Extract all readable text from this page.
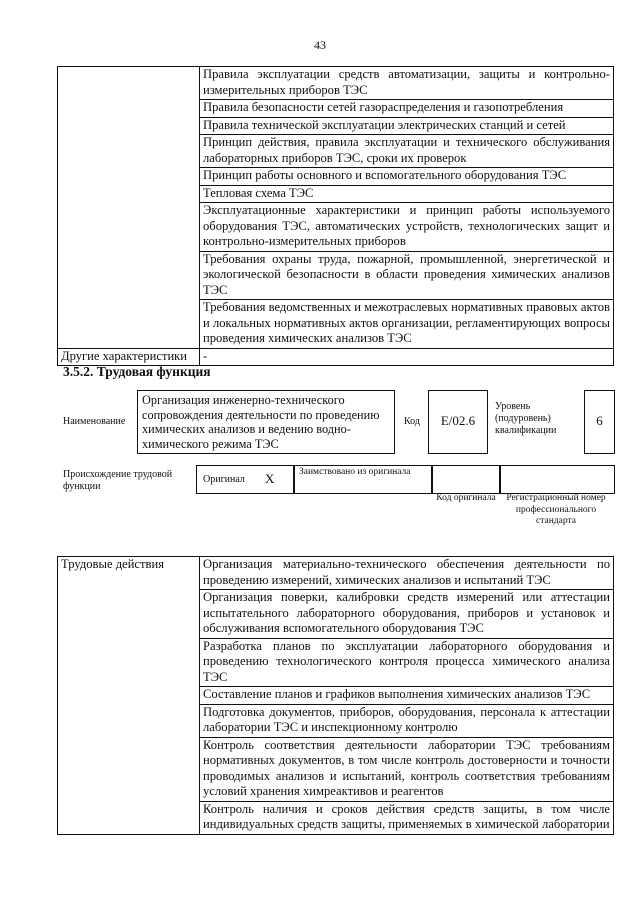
43
	Правила эксплуатации средств автоматизации, защиты и контрольно-измерительных приборов ТЭС
	Правила безопасности сетей газораспределения и газопотребления
	Правила технической эксплуатации электрических станций и сетей
	Принцип действия, правила эксплуатации и технического обслуживания лабораторных приборов ТЭС, сроки их проверок
	Принцип работы основного и вспомогательного оборудования ТЭС
	Тепловая схема ТЭС
	Эксплуатационные характеристики и принцип работы используемого оборудования ТЭС, автоматических устройств, технологических защит и контрольно-измерительных приборов
	Требования охраны труда, пожарной, промышленной, энергетической и экологической безопасности в области проведения химических анализов ТЭС
	Требования ведомственных и межотраслевых нормативных правовых актов и локальных нормативных актов организации, регламентирующих вопросы проведения химических анализов ТЭС
Другие характеристики	-
3.5.2. Трудовая функция
Наименование
Организация инженерно-технического сопровождения деятельности по проведению химических анализов и ведению водно-химического режима ТЭС
Код	E/02.6
Уровень (подуровень) квалификации
6
Происхождение трудовой функции
Оригинал X	Заимствовано из оригинала
Код оригинала Регистрационный номер профессионального стандарта
Трудовые действия	Организация материально-технического обеспечения деятельности по проведению измерений, химических анализов и испытаний ТЭС
Организация поверки, калибровки средств измерений или аттестации испытательного лабораторного оборудования, приборов и установок и обслуживания вспомогательного оборудования ТЭС
Разработка планов по эксплуатации лабораторного оборудования и проведению технологического контроля процесса химического анализа ТЭС
Составление планов и графиков выполнения химических анализов ТЭС
Подготовка документов, приборов, оборудования, персонала к аттестации лаборатории ТЭС и инспекционному контролю
Контроль соответствия деятельности лаборатории ТЭС требованиям нормативных документов, в том числе контроль достоверности и точности проводимых анализов и испытаний, контроль соответствия требованиям условий хранения химреактивов и реагентов
Контроль наличия и сроков действия средств защиты, в том числе индивидуальных средств защиты, применяемых в химической лаборатории
